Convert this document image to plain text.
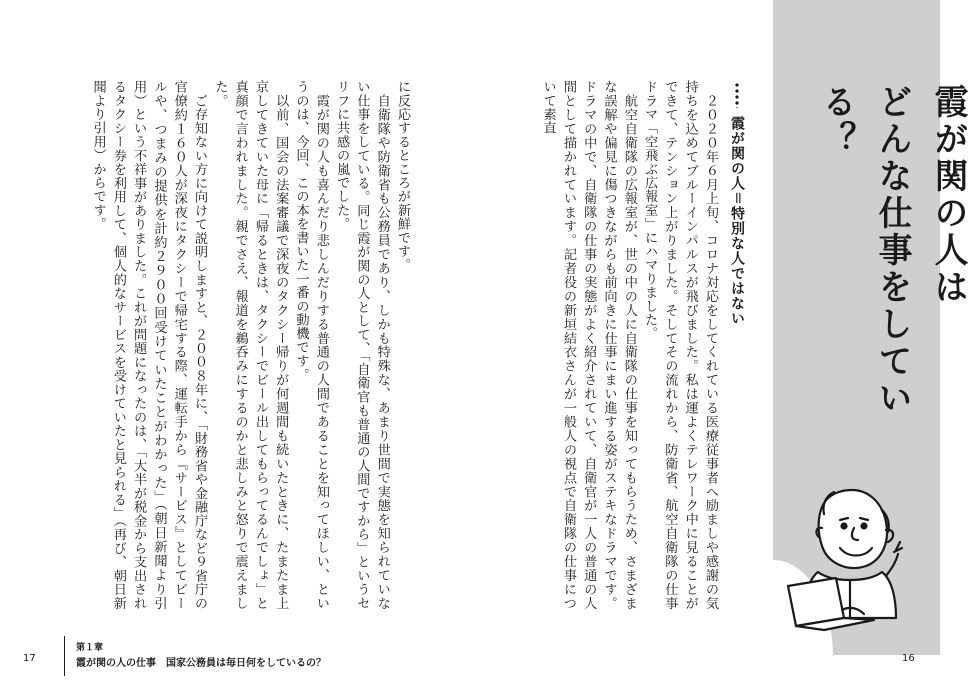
霞が関の人は
どんな仕事をしている？
霞が関の人＝特別な人ではない

　２０２０年６月上旬、コロナ対応をしてくれている医療従事者へ励ましや感謝の気持ちを込めてブルーインパルスが飛びました。私は運よくテレワーク中に見ることができて、テンション上がりました。そしてその流れから、防衛省、航空自衛隊の仕事ドラマ「空飛ぶ広報室」にハマりました。
　航空自衛隊の広報室が、世の中の人に自衛隊の仕事を知ってもらうため、さまざまな誤解や偏見に傷つきながらも前向きに仕事にまい進する姿がステキなドラマです。ドラマの中で、自衛隊の仕事の実態がよく紹介されていて、自衛官が一人の普通の人間として描かれています。記者役の新垣結衣さんが一般人の視点で自衛隊の仕事について素直

に反応するところが新鮮です。
　自衛隊や防衛省も公務員であり、しかも特殊な、あまり世間で実態を知られていない仕事をしている。同じ霞が関の人として、「自衛官も普通の人間ですから」というセリフに共感の嵐でした。
　霞が関の人も喜んだり悲しんだりする普通の人間であることを知ってほしい、というのは、今回、この本を書いた一番の動機です。
　以前、国会の法案審議で深夜のタクシー帰りが何週間も続いたときに、たまたま上京してきていた母に「帰るときは、タクシーでビール出してもらってるんでしょ」と真顔で言われました。親でさえ、報道を鵜呑みにするのかと悲しみと怒りで震えました。
　ご存知ない方に向けて説明しますと、２００８年に、「財務省や金融庁など９省庁の官僚約１６０人が深夜にタクシーで帰宅する際、運転手から『サービス』としてビールや、つまみの提供を計約２９００回受けていたことがわかった」（朝日新聞より引用）という不祥事がありました。これが問題になったのは、「大半が税金から支出されるタクシー券を利用して、個人的なサービスを受けていたと見られる」（再び、朝日新聞より引用）からです。

第１章
霞が関の人の仕事　国家公務員は毎日何をしているの？
17	16
